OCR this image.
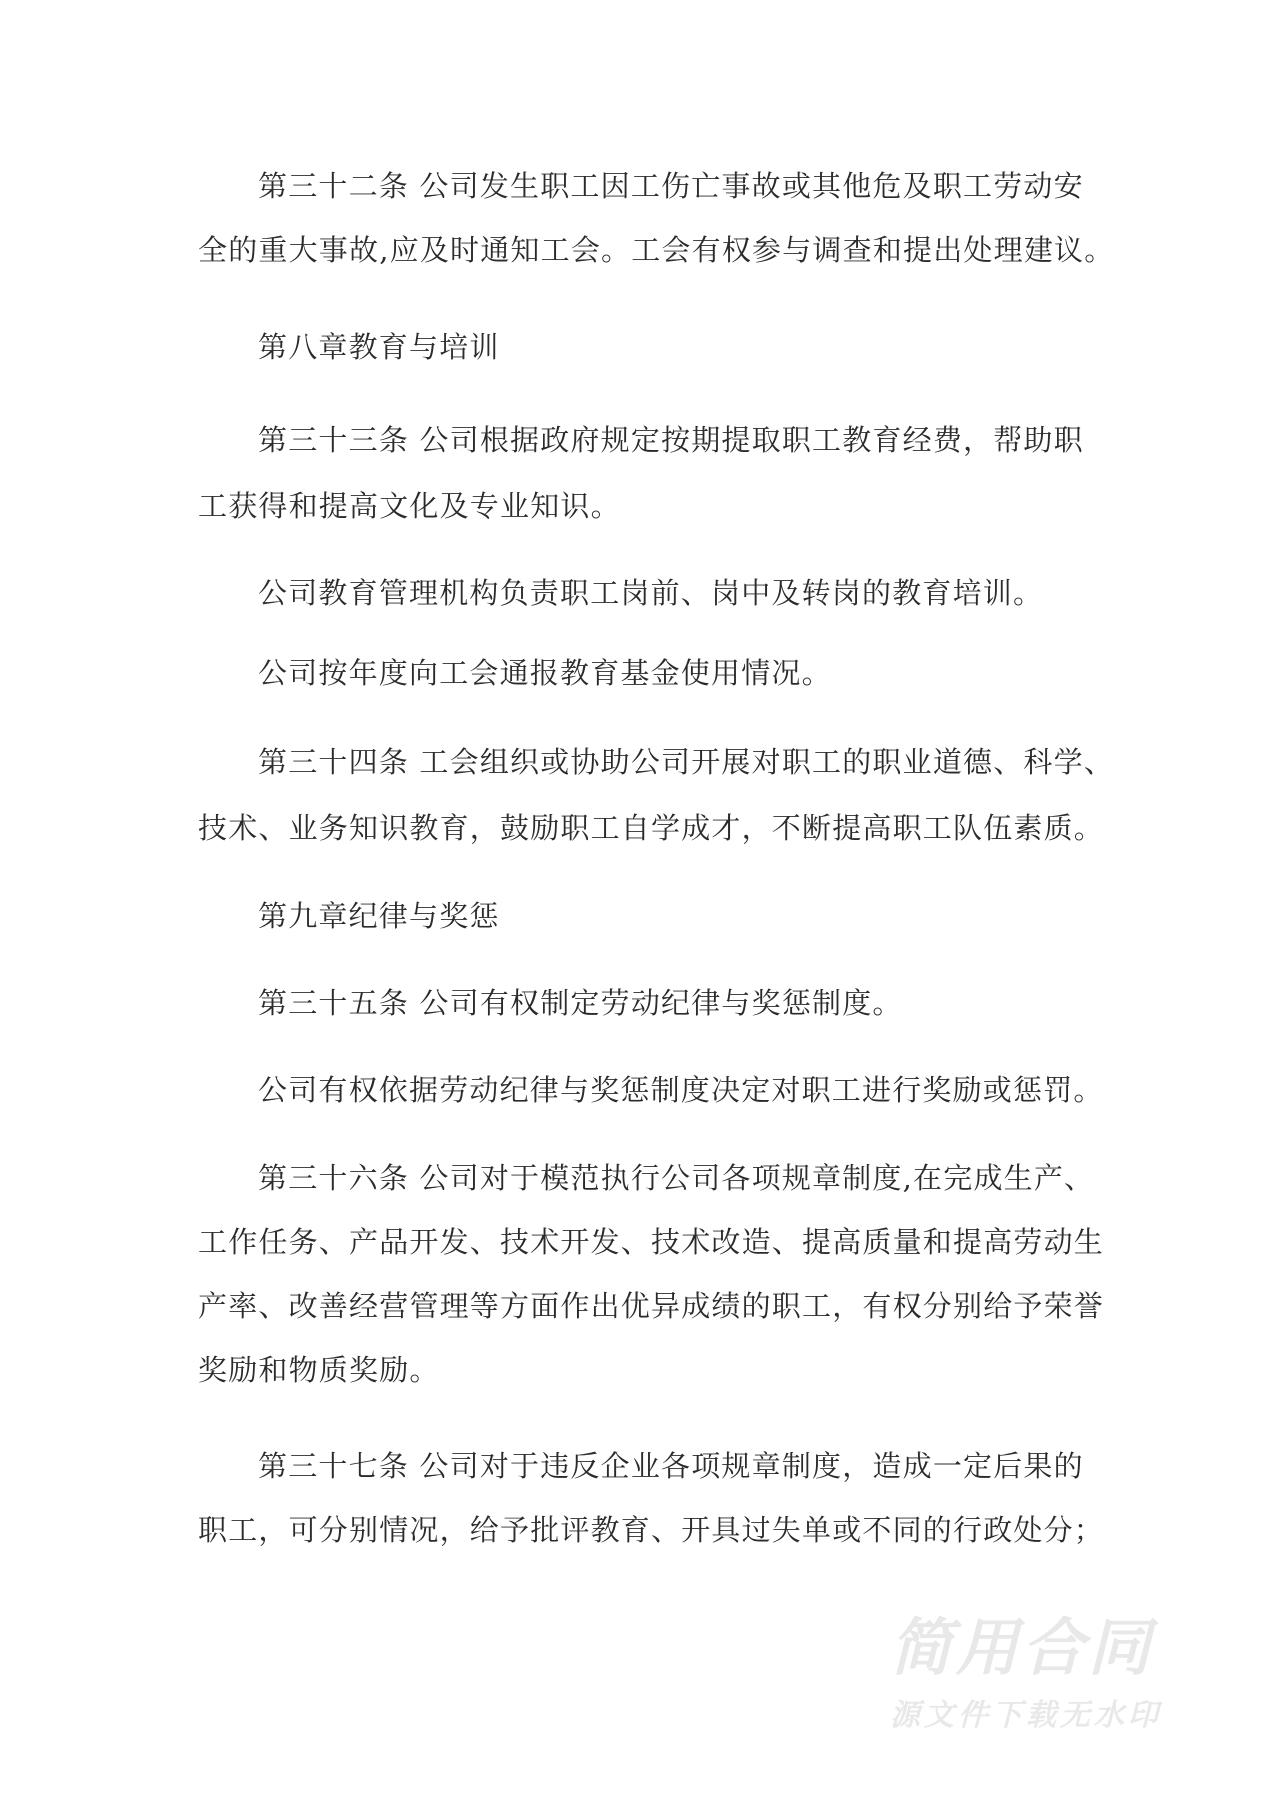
第三十二条 公司发生职工因工伤亡事故或其他危及职工劳动安
全的重大事故,应及时通知工会。工会有权参与调查和提出处理建议。
第八章教育与培训
第三十三条 公司根据政府规定按期提取职工教育经费，帮助职
工获得和提高文化及专业知识。
公司教育管理机构负责职工岗前、岗中及转岗的教育培训。
公司按年度向工会通报教育基金使用情况。
第三十四条 工会组织或协助公司开展对职工的职业道德、科学、
技术、业务知识教育，鼓励职工自学成才，不断提高职工队伍素质。
第九章纪律与奖惩
第三十五条 公司有权制定劳动纪律与奖惩制度。
公司有权依据劳动纪律与奖惩制度决定对职工进行奖励或惩罚。
第三十六条 公司对于模范执行公司各项规章制度,在完成生产、
工作任务、产品开发、技术开发、技术改造、提高质量和提高劳动生
产率、改善经营管理等方面作出优异成绩的职工，有权分别给予荣誉
奖励和物质奖励。
第三十七条 公司对于违反企业各项规章制度，造成一定后果的
职工，可分别情况，给予批评教育、开具过失单或不同的行政处分；
简用合同
源文件下载无水印
